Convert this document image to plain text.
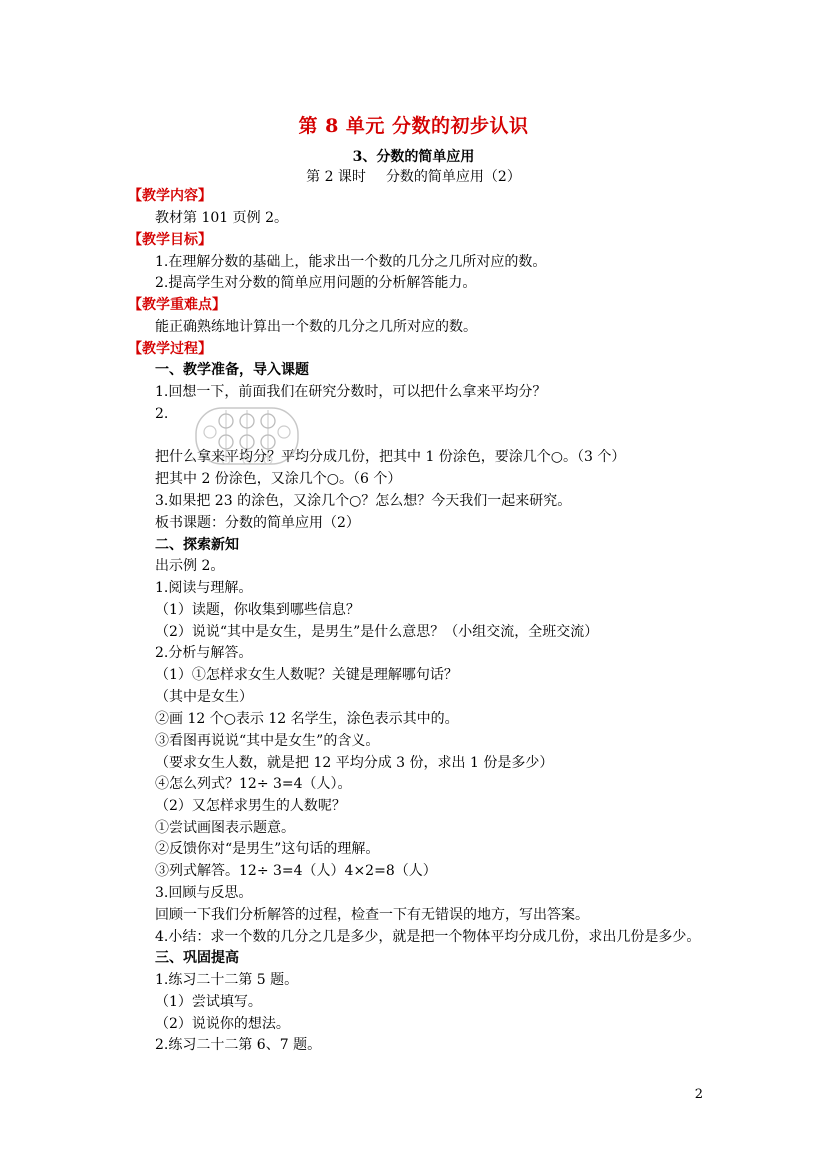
第 8 单元 分数的初步认识
3、分数的简单应用
第 2 课时 分数的简单应用（2）
【教学内容】
教材第 101 页例 2。
【教学目标】
1.在理解分数的基础上，能求出一个数的几分之几所对应的数。
2.提高学生对分数的简单应用问题的分析解答能力。
【教学重难点】
能正确熟练地计算出一个数的几分之几所对应的数。
【教学过程】
一、教学准备，导入课题
1.回想一下，前面我们在研究分数时，可以把什么拿来平均分？
2.
把什么拿来平均分？平均分成几份，把其中 1 份涂色，要涂几个○。（3 个）
把其中 2 份涂色，又涂几个○。（6 个）
3.如果把 23 的涂色，又涂几个○？怎么想？今天我们一起来研究。
板书课题：分数的简单应用（2）
二、探索新知
出示例 2。
1.阅读与理解。
（1）读题，你收集到哪些信息？
（2）说说“其中是女生，是男生”是什么意思？（小组交流，全班交流）
2.分析与解答。
（1）①怎样求女生人数呢？关键是理解哪句话？
（其中是女生）
②画 12 个○表示 12 名学生，涂色表示其中的。
③看图再说说“其中是女生”的含义。
（要求女生人数，就是把 12 平均分成 3 份，求出 1 份是多少）
④怎么列式？12÷ 3=4（人）。
（2）又怎样求男生的人数呢？
①尝试画图表示题意。
②反馈你对“是男生”这句话的理解。
③列式解答。12÷ 3=4（人）4×2=8（人）
3.回顾与反思。
回顾一下我们分析解答的过程，检查一下有无错误的地方，写出答案。
4.小结：求一个数的几分之几是多少，就是把一个物体平均分成几份，求出几份是多少。
三、巩固提高
1.练习二十二第 5 题。
（1）尝试填写。
（2）说说你的想法。
2.练习二十二第 6、7 题。
2
